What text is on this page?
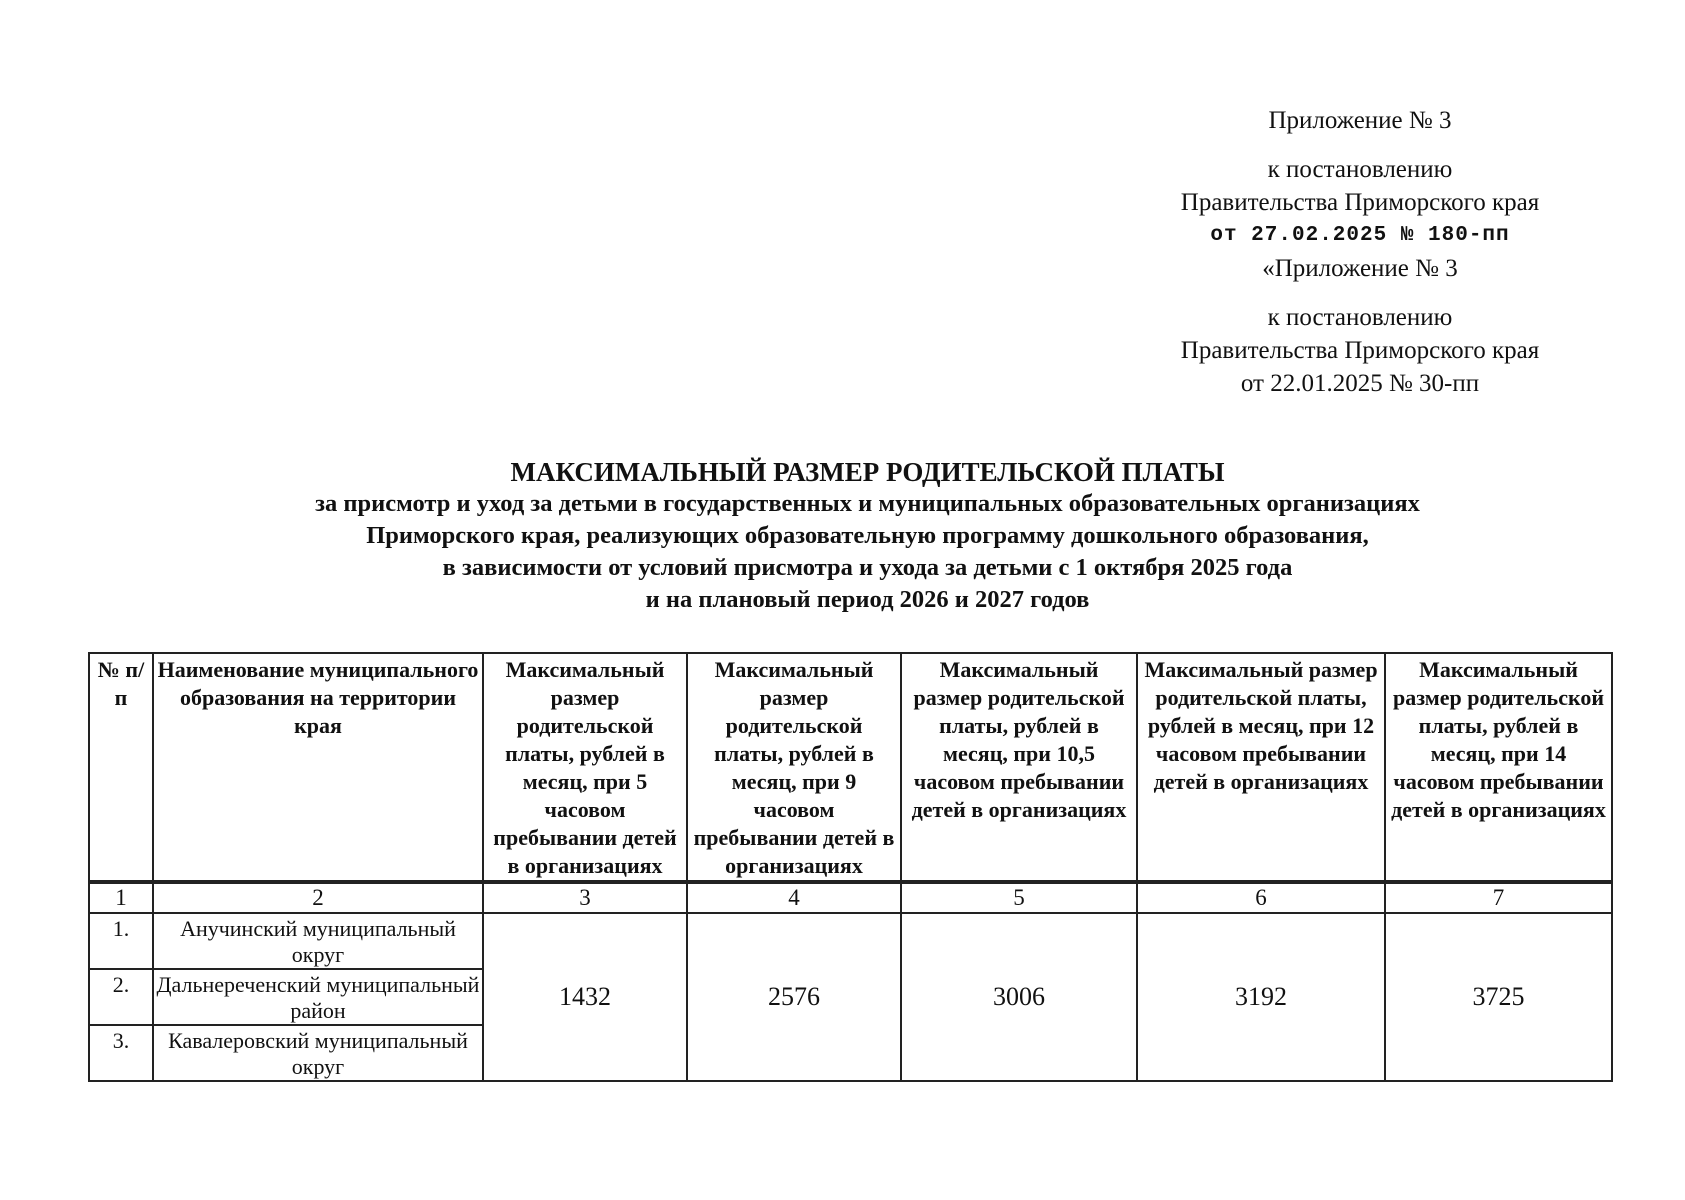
Приложение № 3
к постановлению
Правительства Приморского края
от 27.02.2025 № 180-пп
«Приложение № 3
к постановлению
Правительства Приморского края
от 22.01.2025 № 30-пп
МАКСИМАЛЬНЫЙ РАЗМЕР РОДИТЕЛЬСКОЙ ПЛАТЫ
за присмотр и уход за детьми в государственных и муниципальных образовательных организациях
Приморского края, реализующих образовательную программу дошкольного образования,
в зависимости от условий присмотра и ухода за детьми с 1 октября 2025 года
и на плановый период 2026 и 2027 годов
№ п/п	Наименование муниципального образования на территории края	Максимальный размер родительской платы, рублей в месяц, при 5 часовом пребывании детей в организациях	Максимальный размер родительской платы, рублей в месяц, при 9 часовом пребывании детей в организациях	Максимальный размер родительской платы, рублей в месяц, при 10,5 часовом пребывании детей в организациях	Максимальный размер родительской платы, рублей в месяц, при 12 часовом пребывании детей в организациях	Максимальный размер родительской платы, рублей в месяц, при 14 часовом пребывании детей в организациях

1	2	3	4	5	6	7
1.	Анучинский муниципальный округ	1432	2576	3006	3192	3725
2.	Дальнереченский муниципальный район					
3.	Кавалеровский муниципальный округ					
